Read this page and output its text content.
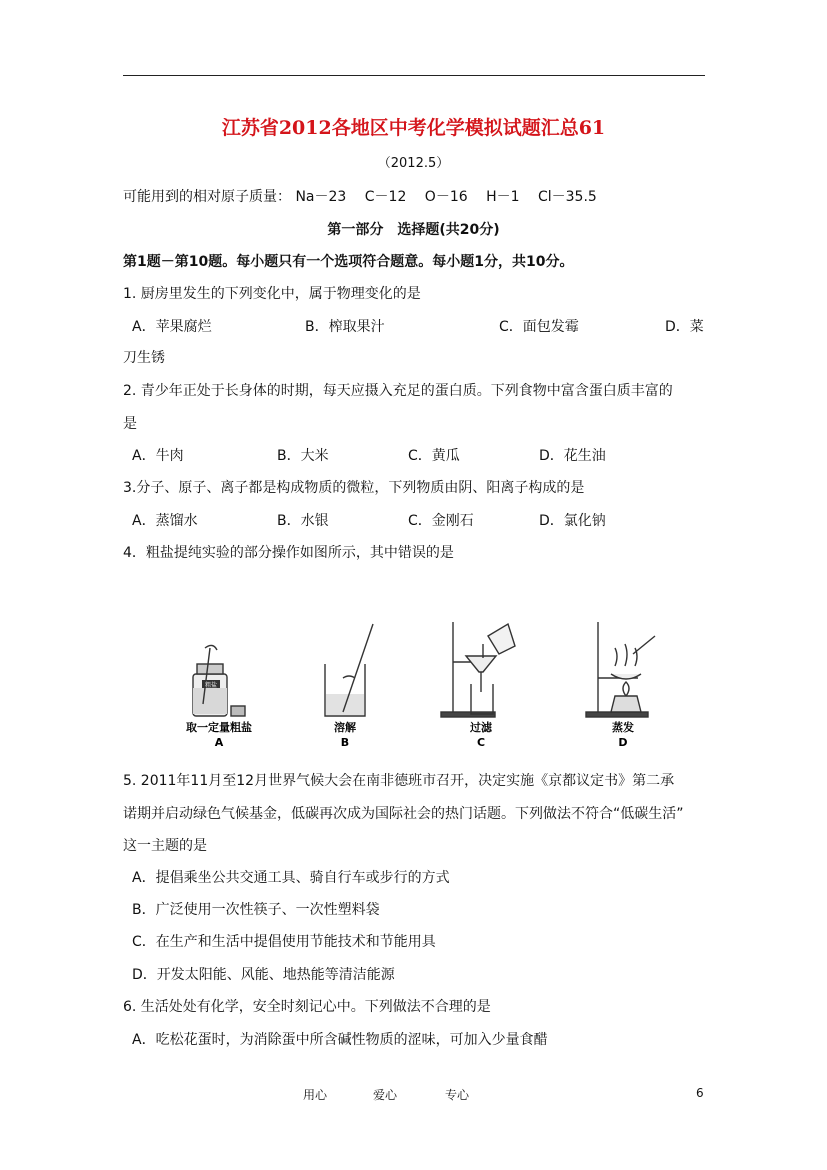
江苏省2012各地区中考化学模拟试题汇总61
（2012.5）
可能用到的相对原子质量： Na－23　 C－12　 O－16　 H－1　 Cl－35.5
第一部分　选择题(共20分)
第1题－第10题。每小题只有一个选项符合题意。每小题1分，共10分。
1. 厨房里发生的下列变化中，属于物理变化的是
A．苹果腐烂	B．榨取果汁	C．面包发霉	D．菜
刀生锈
2. 青少年正处于长身体的时期，每天应摄入充足的蛋白质。下列食物中富含蛋白质丰富的
是
A．牛肉	B．大米	C．黄瓜	D．花生油
3.分子、原子、离子都是构成物质的微粒，下列物质由阴、阳离子构成的是
A．蒸馏水	B．水银	C．金刚石	D．氯化钠
4．粗盐提纯实验的部分操作如图所示，其中错误的是
粗盐
取一定量粗盐
A
溶解
B
过滤
C
蒸发
D
5. 2011年11月至12月世界气候大会在南非德班市召开，决定实施《京都议定书》第二承
诺期并启动绿色气候基金，低碳再次成为国际社会的热门话题。下列做法不符合“低碳生活”
这一主题的是
A．提倡乘坐公共交通工具、骑自行车或步行的方式
B．广泛使用一次性筷子、一次性塑料袋
C．在生产和生活中提倡使用节能技术和节能用具
D．开发太阳能、风能、地热能等清洁能源
6. 生活处处有化学，安全时刻记心中。下列做法不合理的是
A．吃松花蛋时，为消除蛋中所含碱性物质的涩味，可加入少量食醋
用心	爱心	专心	6
